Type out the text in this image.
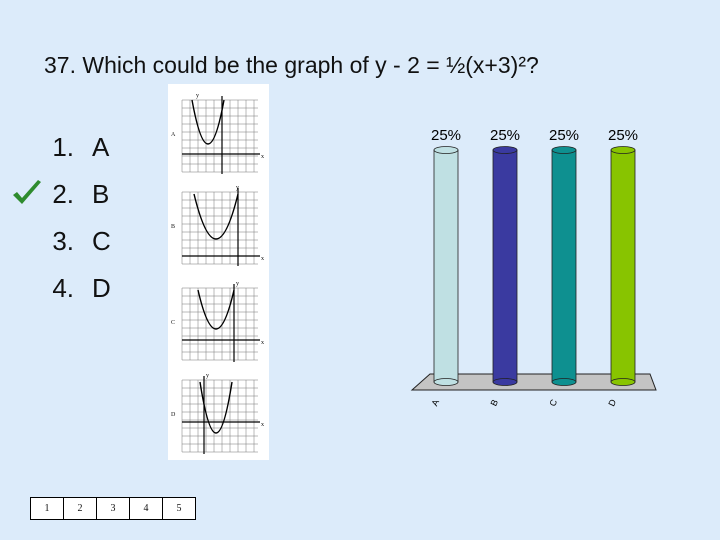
37. Which could be the graph of y - 2 = ½(x+3)²?
1. A
2. B
3. C
4. D
A
y
x
B
y
x
C
y
x
D
y
x
25% 25% 25% 25%
A	B	C	D
1	2	3	4	5
